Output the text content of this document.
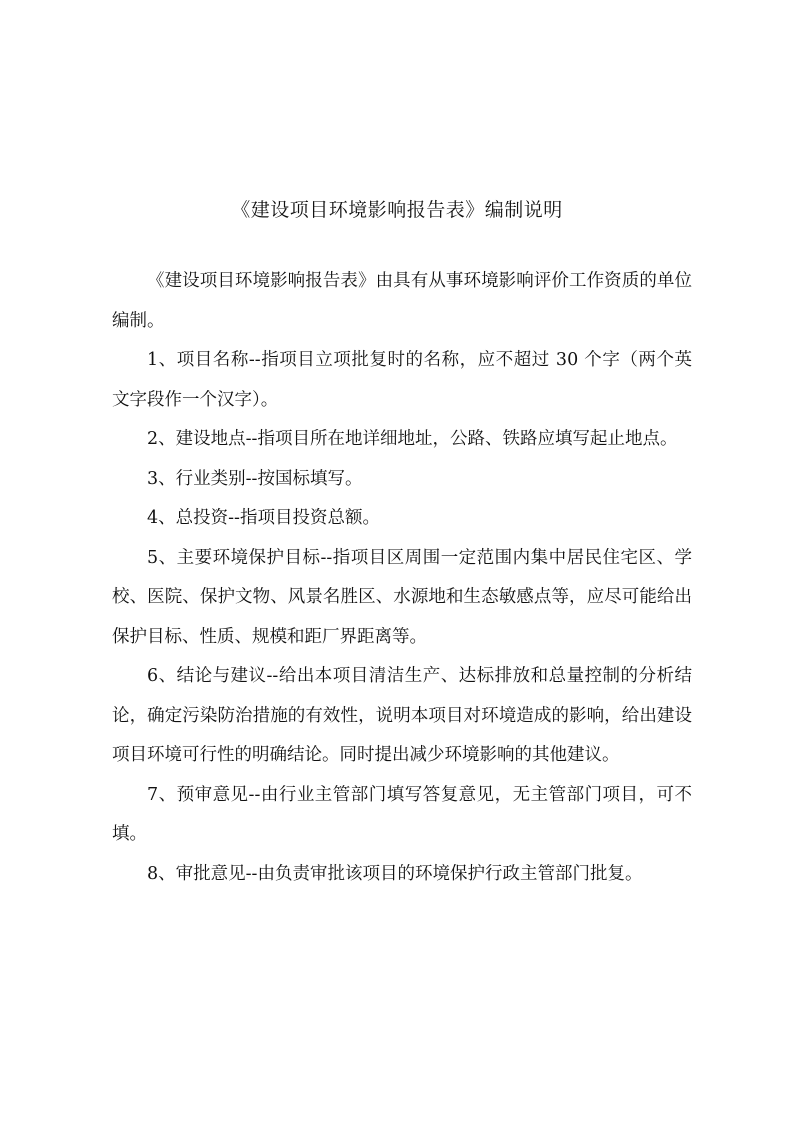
《建设项目环境影响报告表》编制说明

《建设项目环境影响报告表》由具有从事环境影响评价工作资质的单位编制。

1、项目名称--指项目立项批复时的名称，应不超过 30 个字（两个英文字段作一个汉字）。

2、建设地点--指项目所在地详细地址，公路、铁路应填写起止地点。

3、行业类别--按国标填写。

4、总投资--指项目投资总额。

5、主要环境保护目标--指项目区周围一定范围内集中居民住宅区、学校、医院、保护文物、风景名胜区、水源地和生态敏感点等，应尽可能给出保护目标、性质、规模和距厂界距离等。

6、结论与建议--给出本项目清洁生产、达标排放和总量控制的分析结论，确定污染防治措施的有效性，说明本项目对环境造成的影响，给出建设项目环境可行性的明确结论。同时提出减少环境影响的其他建议。

7、预审意见--由行业主管部门填写答复意见，无主管部门项目，可不填。

8、审批意见--由负责审批该项目的环境保护行政主管部门批复。
